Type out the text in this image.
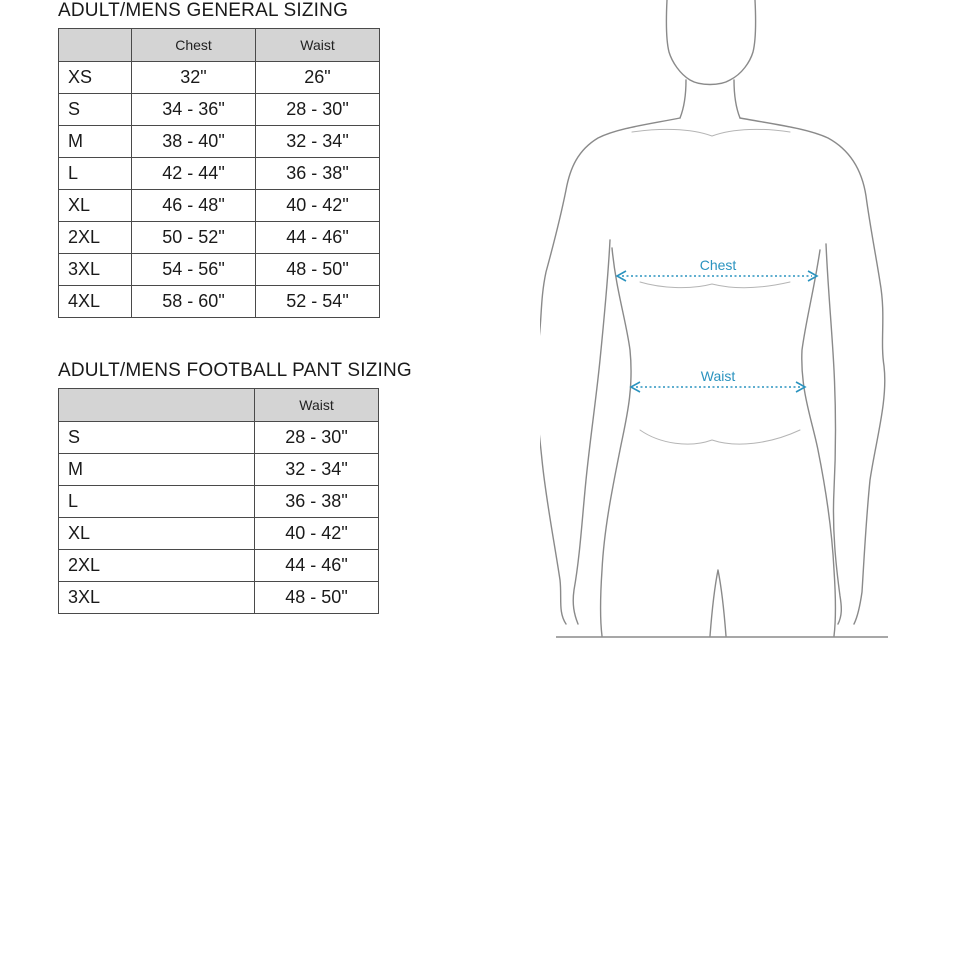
ADULT/MENS GENERAL SIZING
	Chest	Waist
XS	32"	26"
S	34 - 36"	28 - 30"
M	38 - 40"	32 - 34"
L	42 - 44"	36 - 38"
XL	46 - 48"	40 - 42"
2XL	50 - 52"	44 - 46"
3XL	54 - 56"	48 - 50"
4XL	58 - 60"	52 - 54"
ADULT/MENS FOOTBALL PANT SIZING
	Waist
S	28 - 30"
M	32 - 34"
L	36 - 38"
XL	40 - 42"
2XL	44 - 46"
3XL	48 - 50"
Chest
Waist
